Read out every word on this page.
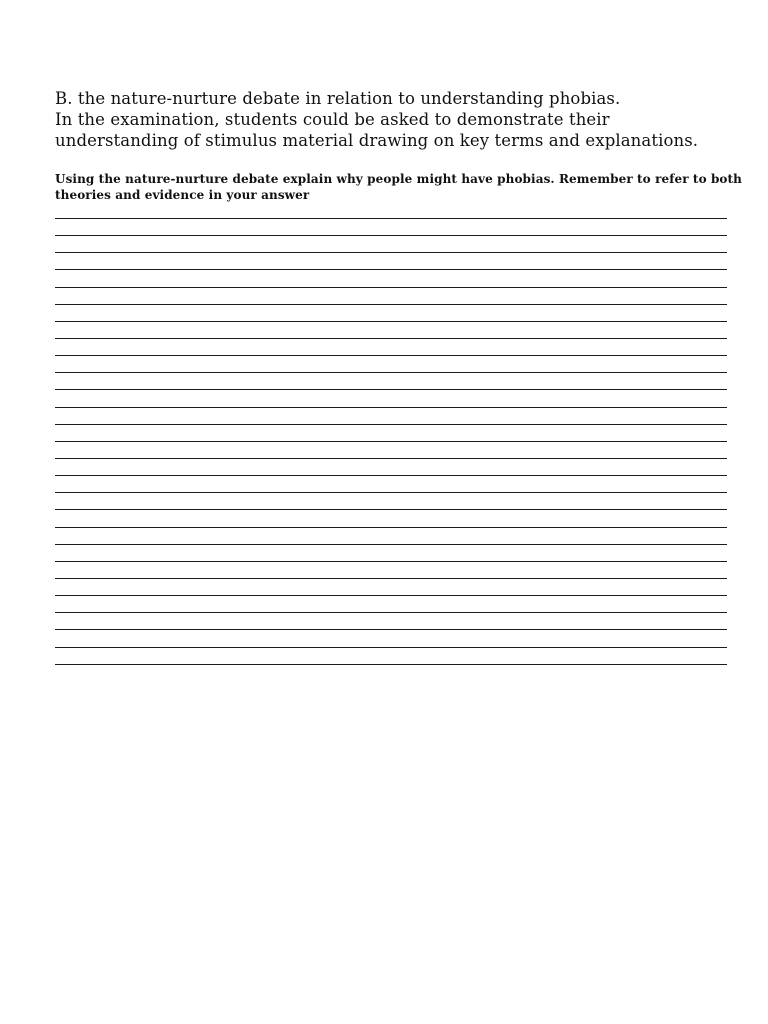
B. the nature-nurture debate in relation to understanding phobias.
In the examination, students could be asked to demonstrate their
understanding of stimulus material drawing on key terms and explanations.
Using the nature-nurture debate explain why people might have phobias. Remember to refer to both
theories and evidence in your answer
